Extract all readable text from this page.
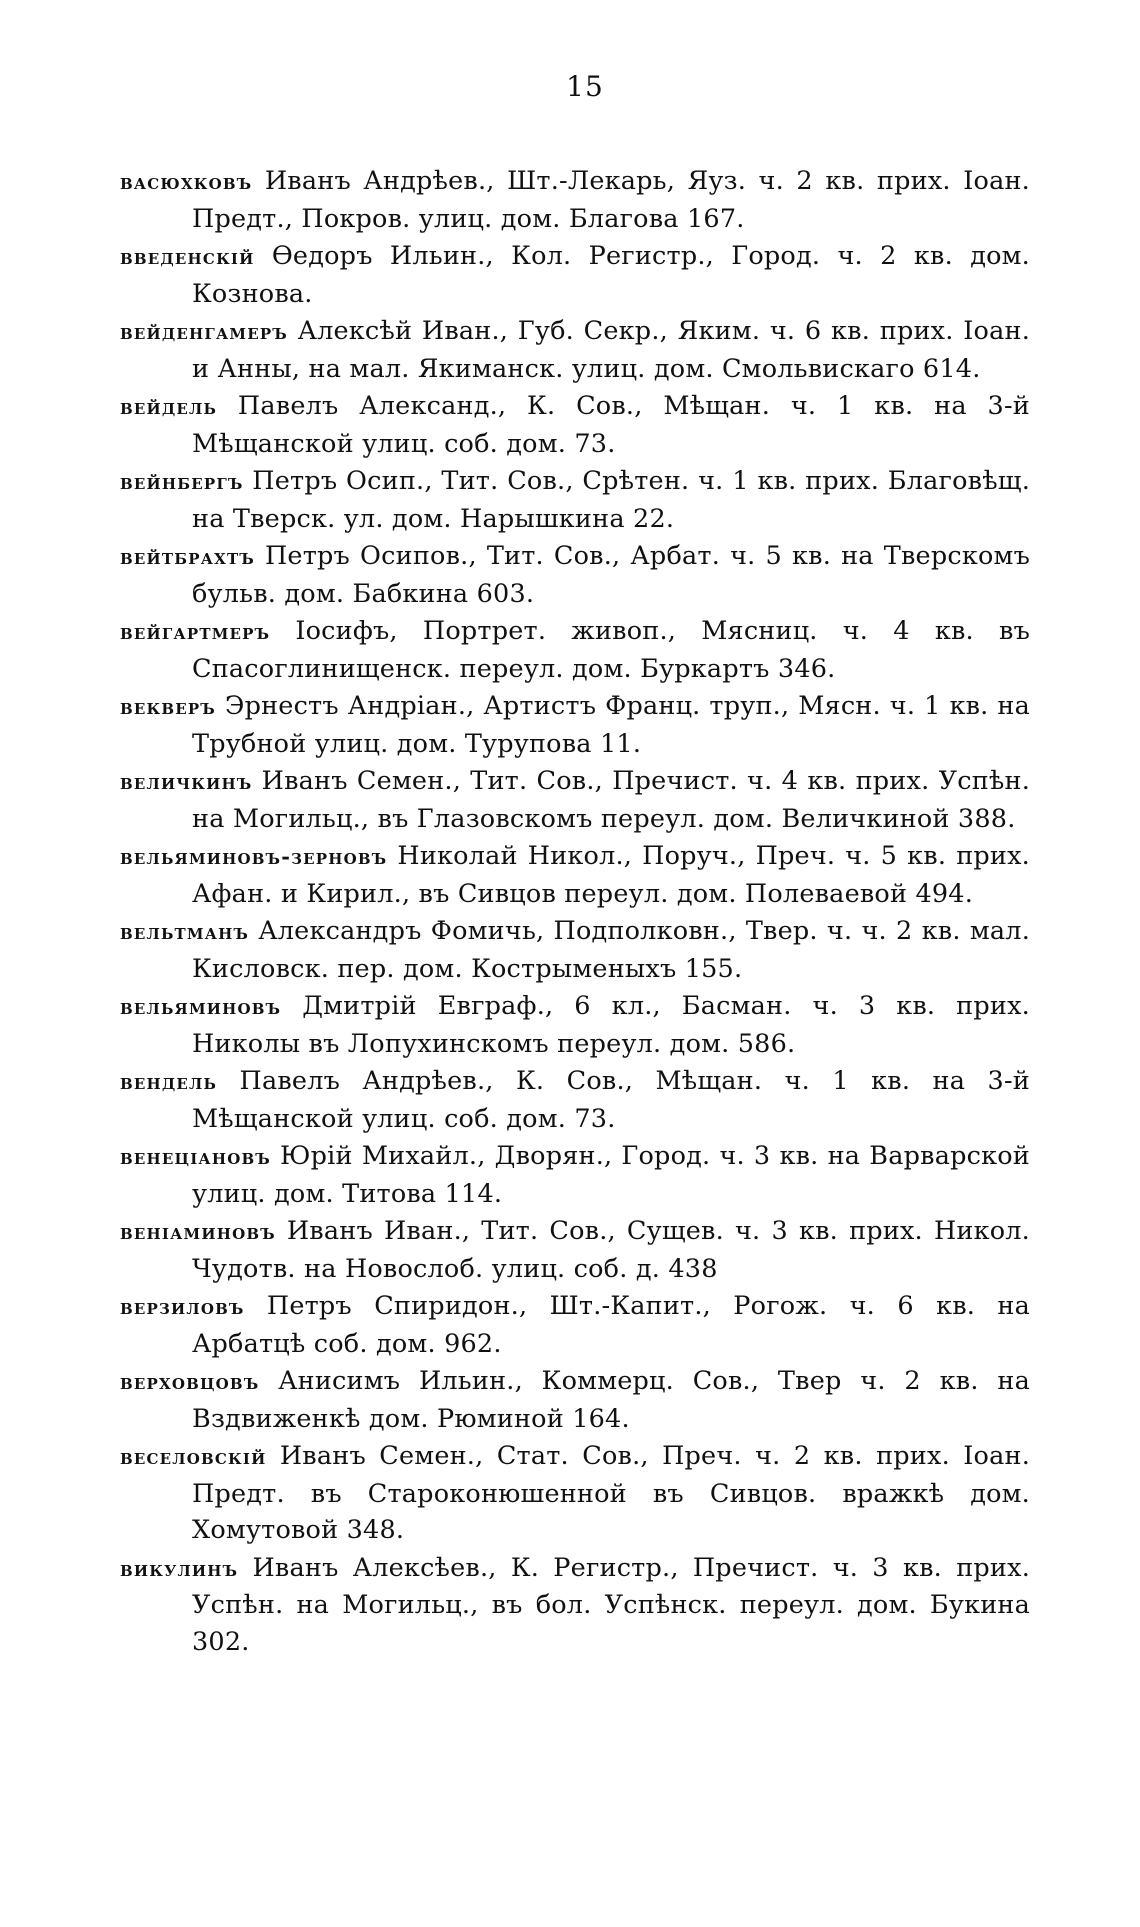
15
васюхковъ Иванъ Андрѣев., Шт.-Лекарь, Яуз. ч. 2 кв. прих. Іоан. Предт., Покров. улиц. дом. Благова 167.
введенскій Ѳедоръ Ильин., Кол. Регистр., Город. ч. 2 кв. дом. Кознова.
вейденгамеръ Алексѣй Иван., Губ. Секр., Яким. ч. 6 кв. прих. Іоан. и Анны, на мал. Якиманск. улиц. дом. Смольвискаго 614.
вейдель Павелъ Александ., К. Сов., Мѣщан. ч. 1 кв. на 3-й Мѣщанской улиц. соб. дом. 73.
вейнбергъ Петръ Осип., Тит. Сов., Срѣтен. ч. 1 кв. прих. Благовѣщ. на Тверск. ул. дом. Нарышкина 22.
вейтбрахтъ Петръ Осипов., Тит. Сов., Арбат. ч. 5 кв. на Тверскомъ бульв. дом. Бабкина 603.
вейгартмеръ Іосифъ, Портрет. живоп., Мясниц. ч. 4 кв. въ Спасоглинищенск. переул. дом. Буркартъ 346.
векверъ Эрнестъ Андріан., Артистъ Франц. труп., Мясн. ч. 1 кв. на Трубной улиц. дом. Турупова 11.
величкинъ Иванъ Семен., Тит. Сов., Пречист. ч. 4 кв. прих. Успѣн. на Могильц., въ Глазовскомъ переул. дом. Величкиной 388.
вельяминовъ-зерновъ Николай Никол., Поруч., Преч. ч. 5 кв. прих. Афан. и Кирил., въ Сивцов переул. дом. Полеваевой 494.
вельтманъ Александръ Фомичь, Подполковн., Твер. ч. ч. 2 кв. мал. Кисловск. пер. дом. Кострыменыхъ 155.
вельяминовъ Дмитрій Евграф., 6 кл., Басман. ч. 3 кв. прих. Николы въ Лопухинскомъ переул. дом. 586.
вендель Павелъ Андрѣев., К. Сов., Мѣщан. ч. 1 кв. на 3-й Мѣщанской улиц. соб. дом. 73.
венеціановъ Юрій Михайл., Дворян., Город. ч. 3 кв. на Варварской улиц. дом. Титова 114.
веніаминовъ Иванъ Иван., Тит. Сов., Сущев. ч. 3 кв. прих. Никол. Чудотв. на Новослоб. улиц. соб. д. 438
верзиловъ Петръ Спиридон., Шт.-Капит., Рогож. ч. 6 кв. на Арбатцѣ соб. дом. 962.
верховцовъ Анисимъ Ильин., Коммерц. Сов., Твер ч. 2 кв. на Вздвиженкѣ дом. Рюминой 164.
веселовскій Иванъ Семен., Стат. Сов., Преч. ч. 2 кв. прих. Іоан. Предт. въ Староконюшенной въ Сивцов. вражкѣ дом. Хомутовой 348.
викулинъ Иванъ Алексѣев., К. Регистр., Пречист. ч. 3 кв. прих. Успѣн. на Могильц., въ бол. Успѣнск. переул. дом. Букина 302.
